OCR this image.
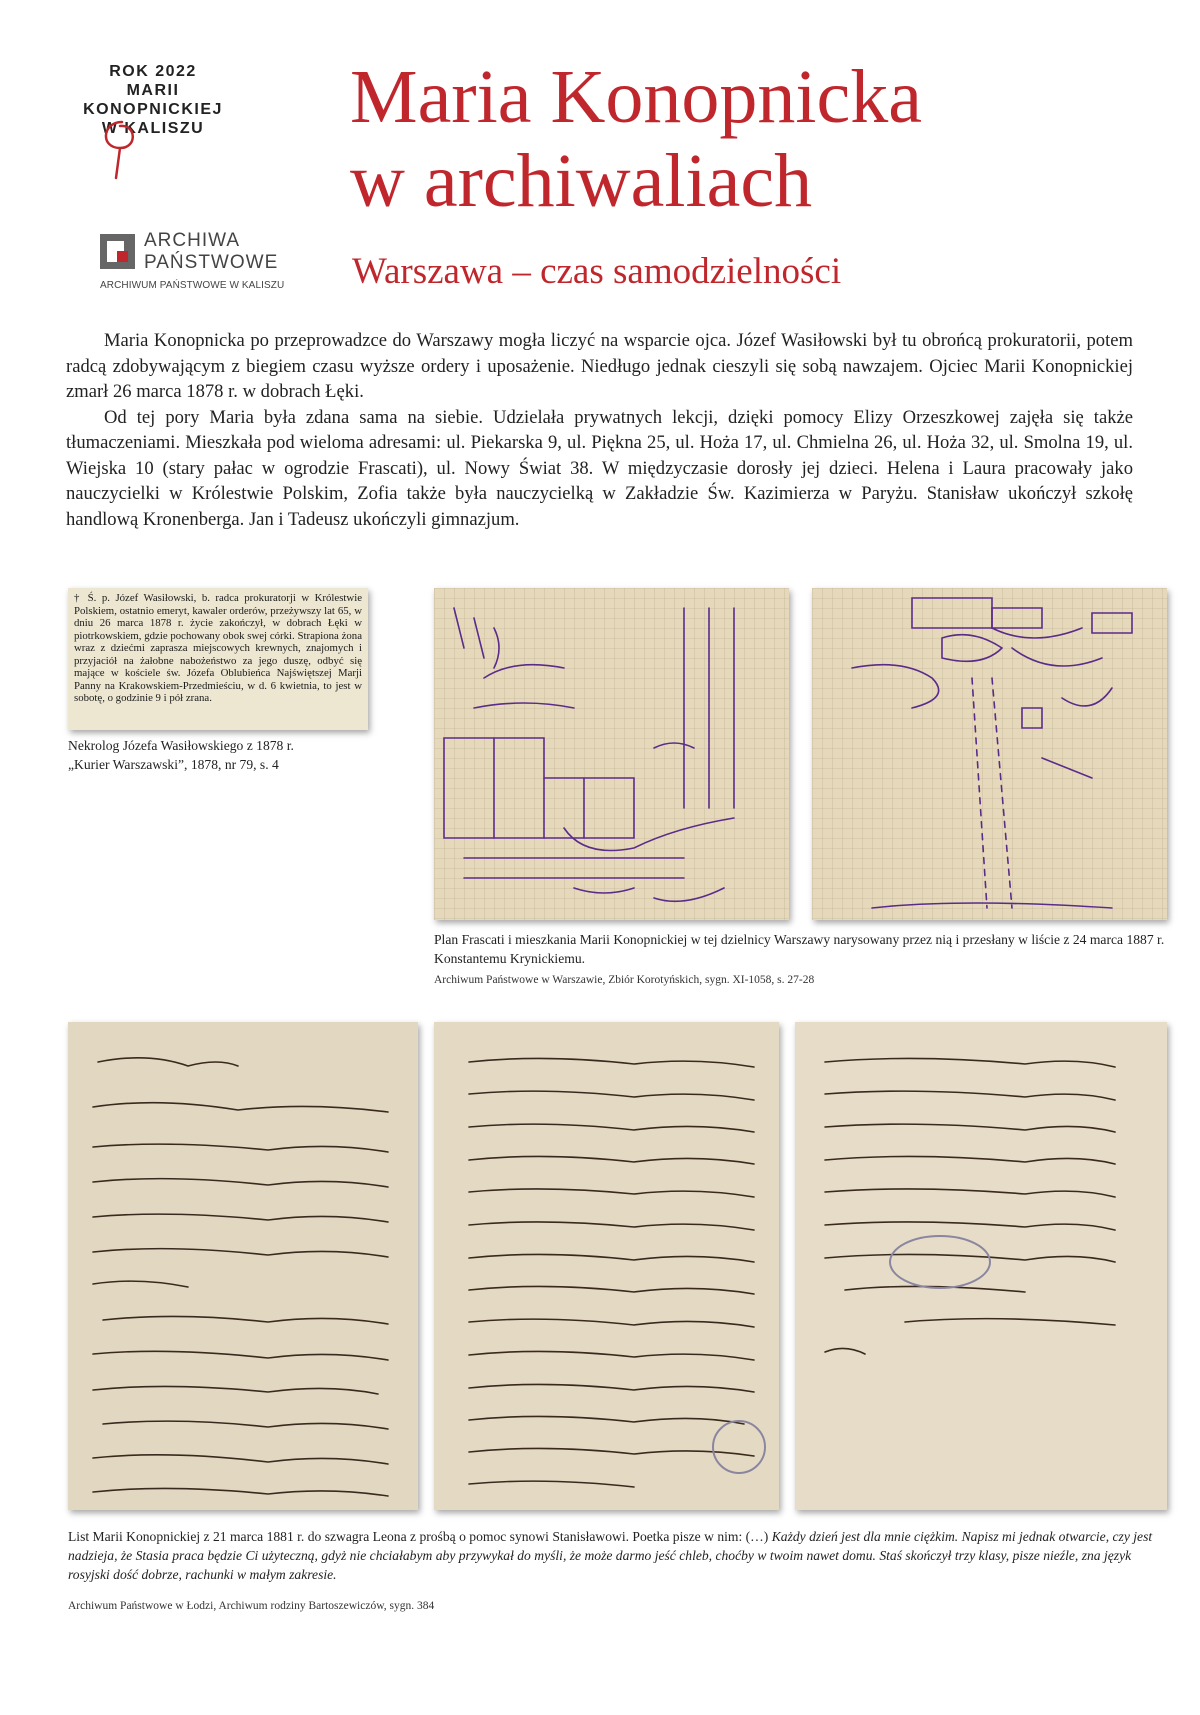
ROK 2022
MARII
KONOPNICKIEJ
W KALISZU
ARCHIWA
PAŃSTWOWE
ARCHIWUM PAŃSTWOWE W KALISZU
Maria Konopnicka
w archiwaliach
Warszawa – czas samodzielności

Maria Konopnicka po przeprowadzce do Warszawy mogła liczyć na wsparcie ojca. Józef Wasiłowski był tu obrońcą prokuratorii, potem radcą zdobywającym z biegiem czasu wyższe ordery i uposażenie. Niedługo jednak cieszyli się sobą nawzajem. Ojciec Marii Konopnickiej zmarł 26 marca 1878 r. w dobrach Łęki.

Od tej pory Maria była zdana sama na siebie. Udzielała prywatnych lekcji, dzięki pomocy Elizy Orzeszkowej zajęła się także tłumaczeniami. Mieszkała pod wieloma adresami: ul. Piekarska 9, ul. Piękna 25, ul. Hoża 17, ul. Chmielna 26, ul. Hoża 32, ul. Smolna 19, ul. Wiejska 10 (stary pałac w ogrodzie Frascati), ul. Nowy Świat 38. W międzyczasie dorosły jej dzieci. Helena i Laura pracowały jako nauczycielki w Królestwie Polskim, Zofia także była nauczycielką w Zakładzie Św. Kazimierza w Paryżu. Stanisław ukończył szkołę handlową Kronenberga. Jan i Tadeusz ukończyli gimnazjum.

† Ś. p. Józef Wasiłowski, b. radca prokuratorji w Królestwie Polskiem, ostatnio emeryt, kawaler orderów, przeżywszy lat 65, w dniu 26 marca 1878 r. życie zakończył, w dobrach Łęki w piotrkowskiem, gdzie pochowany obok swej córki. Strapiona żona wraz z dziećmi zaprasza miejscowych krewnych, znajomych i przyjaciół na żałobne nabożeństwo za jego duszę, odbyć się mające w kościele św. Józefa Oblubieńca Najświętszej Marji Panny na Krakowskiem-Przedmieściu, w d. 6 kwietnia, to jest w sobotę, o godzinie 9 i pół zrana.
Nekrolog Józefa Wasiłowskiego z 1878 r.
„Kurier Warszawski”, 1878, nr 79, s. 4
Plan Frascati i mieszkania Marii Konopnickiej w tej dzielnicy Warszawy narysowany przez nią i przesłany w liście z 24 marca 1887 r. Konstantemu Krynickiemu.
Archiwum Państwowe w Warszawie, Zbiór Korotyńskich, sygn. XI-1058, s. 27-28
List Marii Konopnickiej z 21 marca 1881 r. do szwagra Leona z prośbą o pomoc synowi Stanisławowi. Poetka pisze w nim: (…) Każdy dzień jest dla mnie ciężkim. Napisz mi jednak otwarcie, czy jest nadzieja, że Stasia praca będzie Ci użyteczną, gdyż nie chciałabym aby przywykał do myśli, że może darmo jeść chleb, choćby w twoim nawet domu. Staś skończył trzy klasy, pisze nieźle, zna język rosyjski dość dobrze, rachunki w małym zakresie.
Archiwum Państwowe w Łodzi, Archiwum rodziny Bartoszewiczów, sygn. 384
